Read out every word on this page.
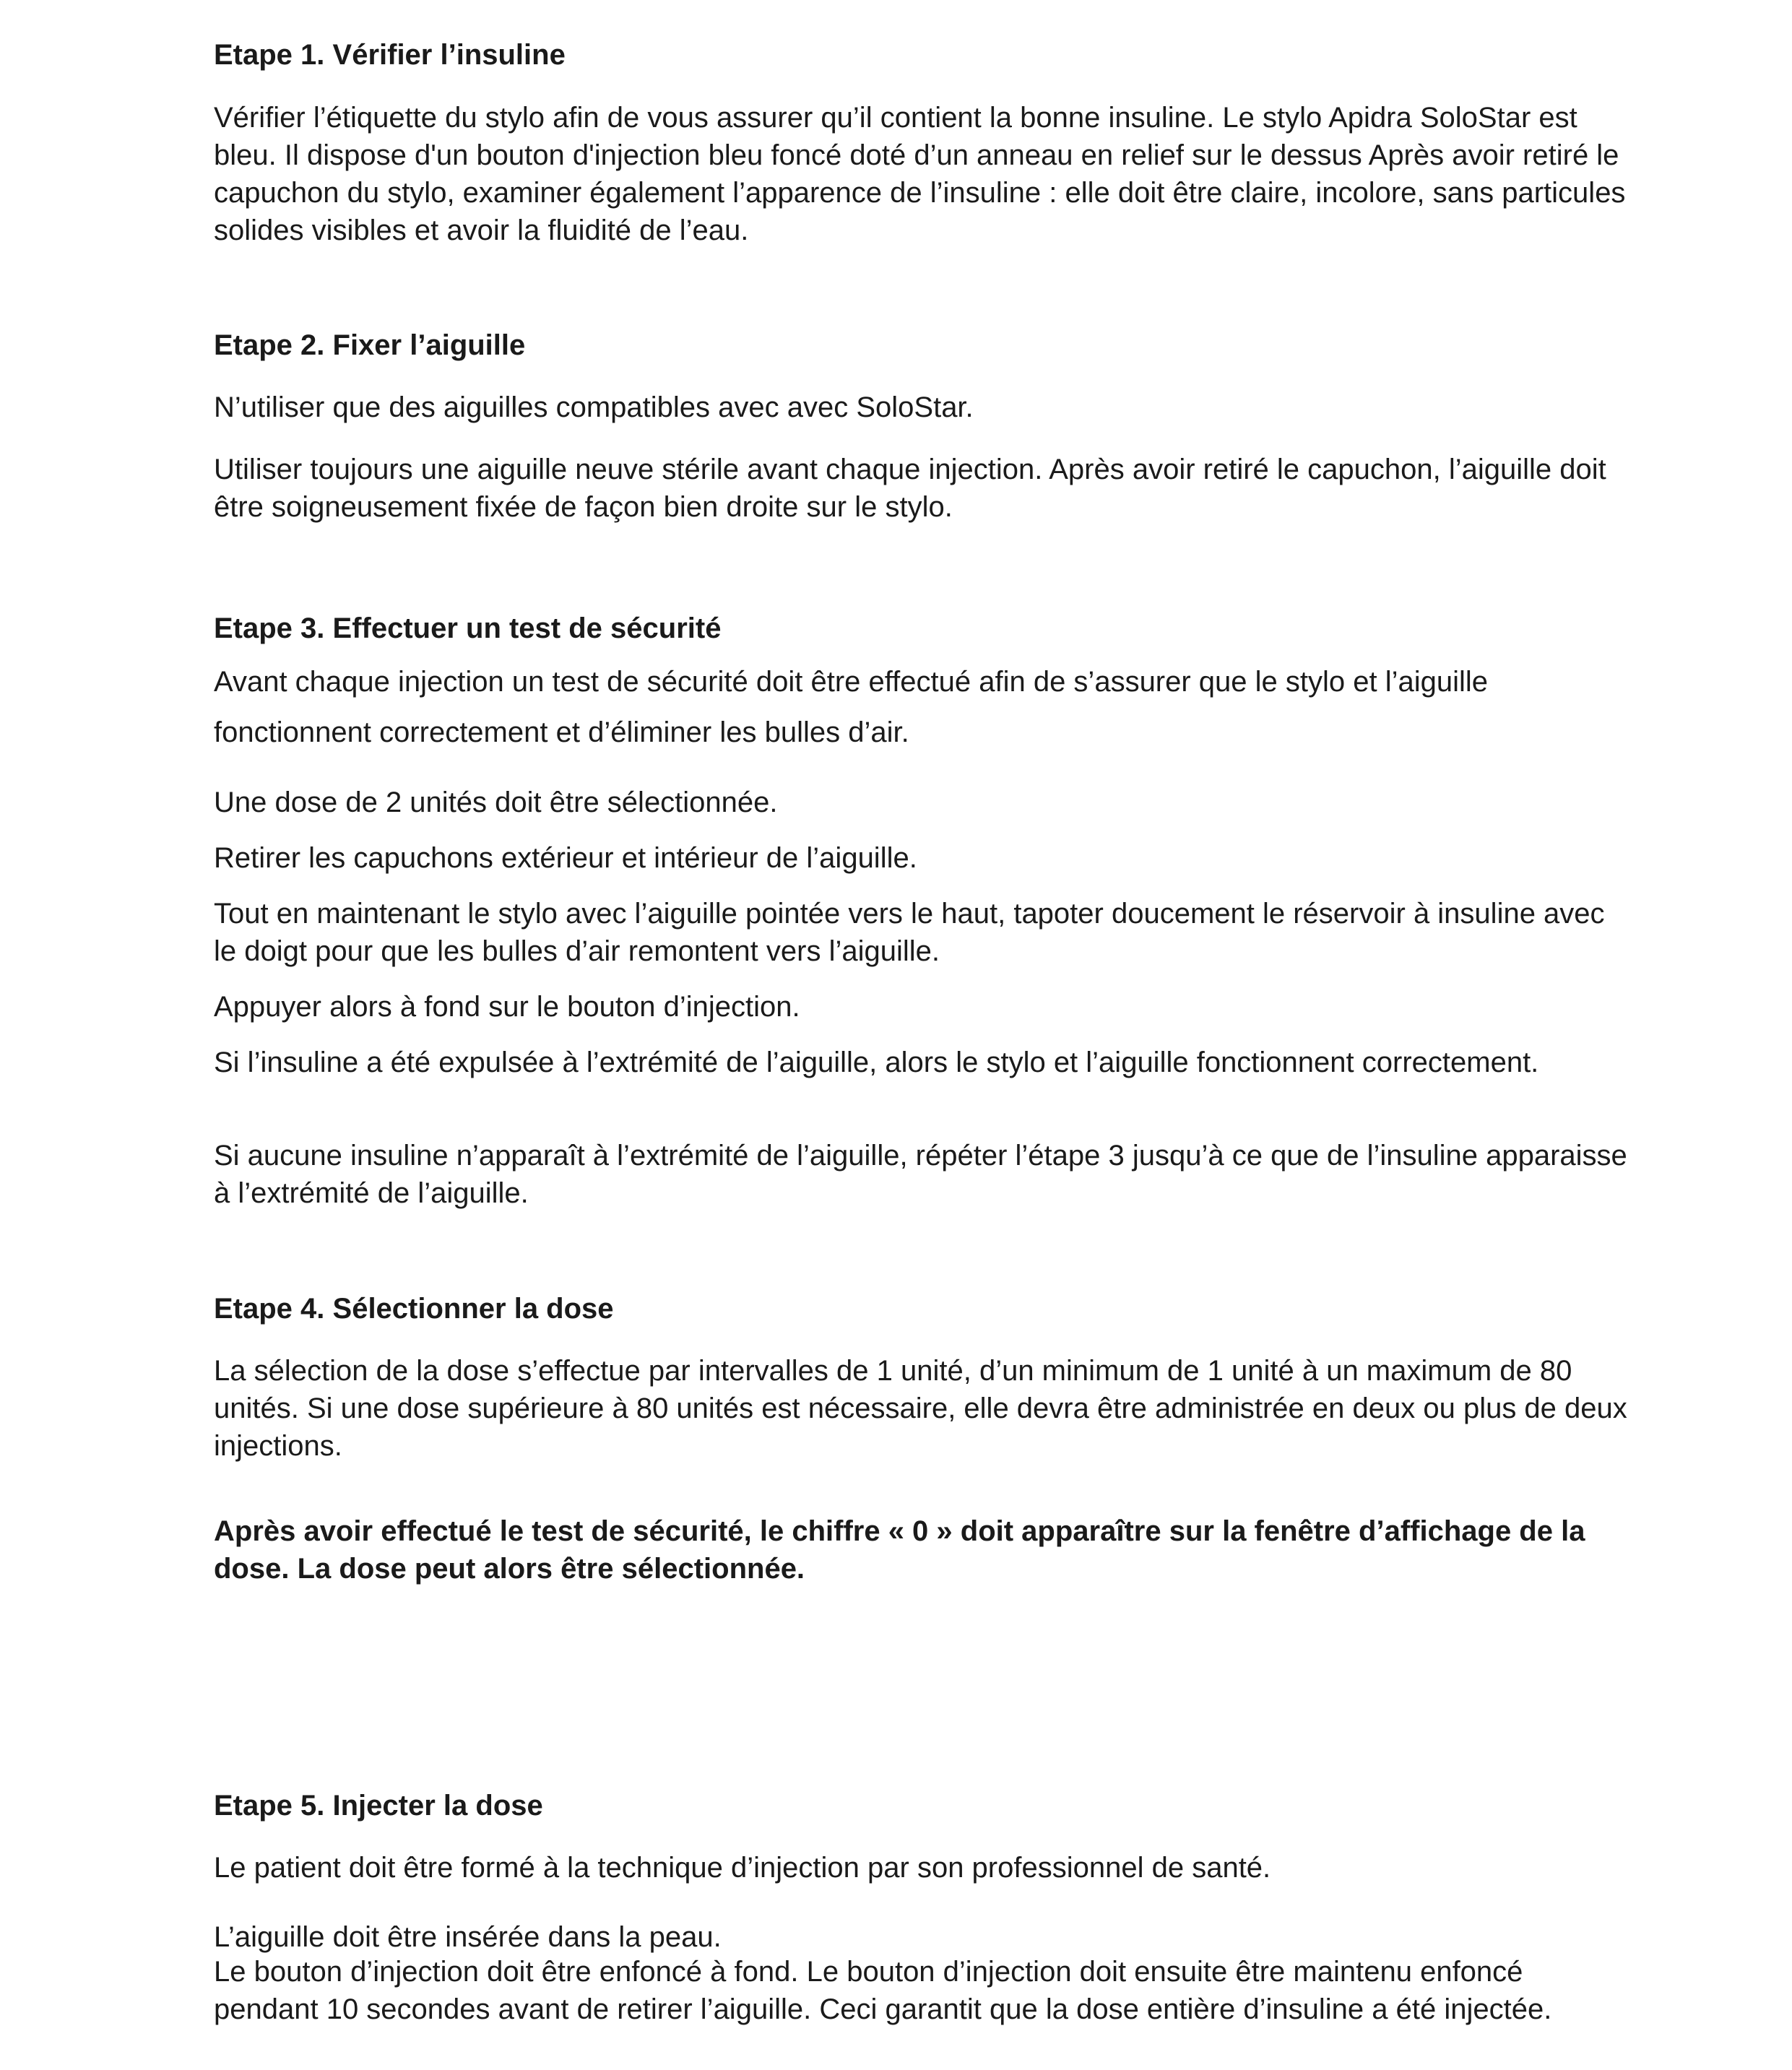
Etape 1. Vérifier l’insuline

Vérifier l’étiquette du stylo afin de vous assurer qu’il contient la bonne insuline. Le stylo Apidra SoloStar est bleu. Il dispose d'un bouton d'injection bleu foncé doté d’un anneau en relief sur le dessus Après avoir retiré le capuchon du stylo, examiner également l’apparence de l’insuline : elle doit être claire, incolore, sans particules solides visibles et avoir la fluidité de l’eau.

Etape 2. Fixer l’aiguille

N’utiliser que des aiguilles compatibles avec avec SoloStar.

Utiliser toujours une aiguille neuve stérile avant chaque injection. Après avoir retiré le capuchon, l’aiguille doit être soigneusement fixée de façon bien droite sur le stylo.

Etape 3. Effectuer un test de sécurité

Avant chaque injection un test de sécurité doit être effectué afin de s’assurer que le stylo et l’aiguille

fonctionnent correctement et d’éliminer les bulles d’air.

Une dose de 2 unités doit être sélectionnée.

Retirer les capuchons extérieur et intérieur de l’aiguille.

Tout en maintenant le stylo avec l’aiguille pointée vers le haut, tapoter doucement le réservoir à insuline avec le doigt pour que les bulles d’air remontent vers l’aiguille.

Appuyer alors à fond sur le bouton d’injection.

Si l’insuline a été expulsée à l’extrémité de l’aiguille, alors le stylo et l’aiguille fonctionnent correctement.

Si aucune insuline n’apparaît à l’extrémité de l’aiguille, répéter l’étape 3 jusqu’à ce que de l’insuline apparaisse à l’extrémité de l’aiguille.

Etape 4. Sélectionner la dose

La sélection de la dose s’effectue par intervalles de 1 unité, d’un minimum de 1 unité à un maximum de 80 unités. Si une dose supérieure à 80 unités est nécessaire, elle devra être administrée en deux ou plus de deux injections.

Après avoir effectué le test de sécurité, le chiffre « 0 » doit apparaître sur la fenêtre d’affichage de la dose. La dose peut alors être sélectionnée.

Etape 5. Injecter la dose

Le patient doit être formé à la technique d’injection par son professionnel de santé.

L’aiguille doit être insérée dans la peau.

Le bouton d’injection doit être enfoncé à fond. Le bouton d’injection doit ensuite être maintenu enfoncé pendant 10 secondes avant de retirer l’aiguille. Ceci garantit que la dose entière d’insuline a été injectée.
